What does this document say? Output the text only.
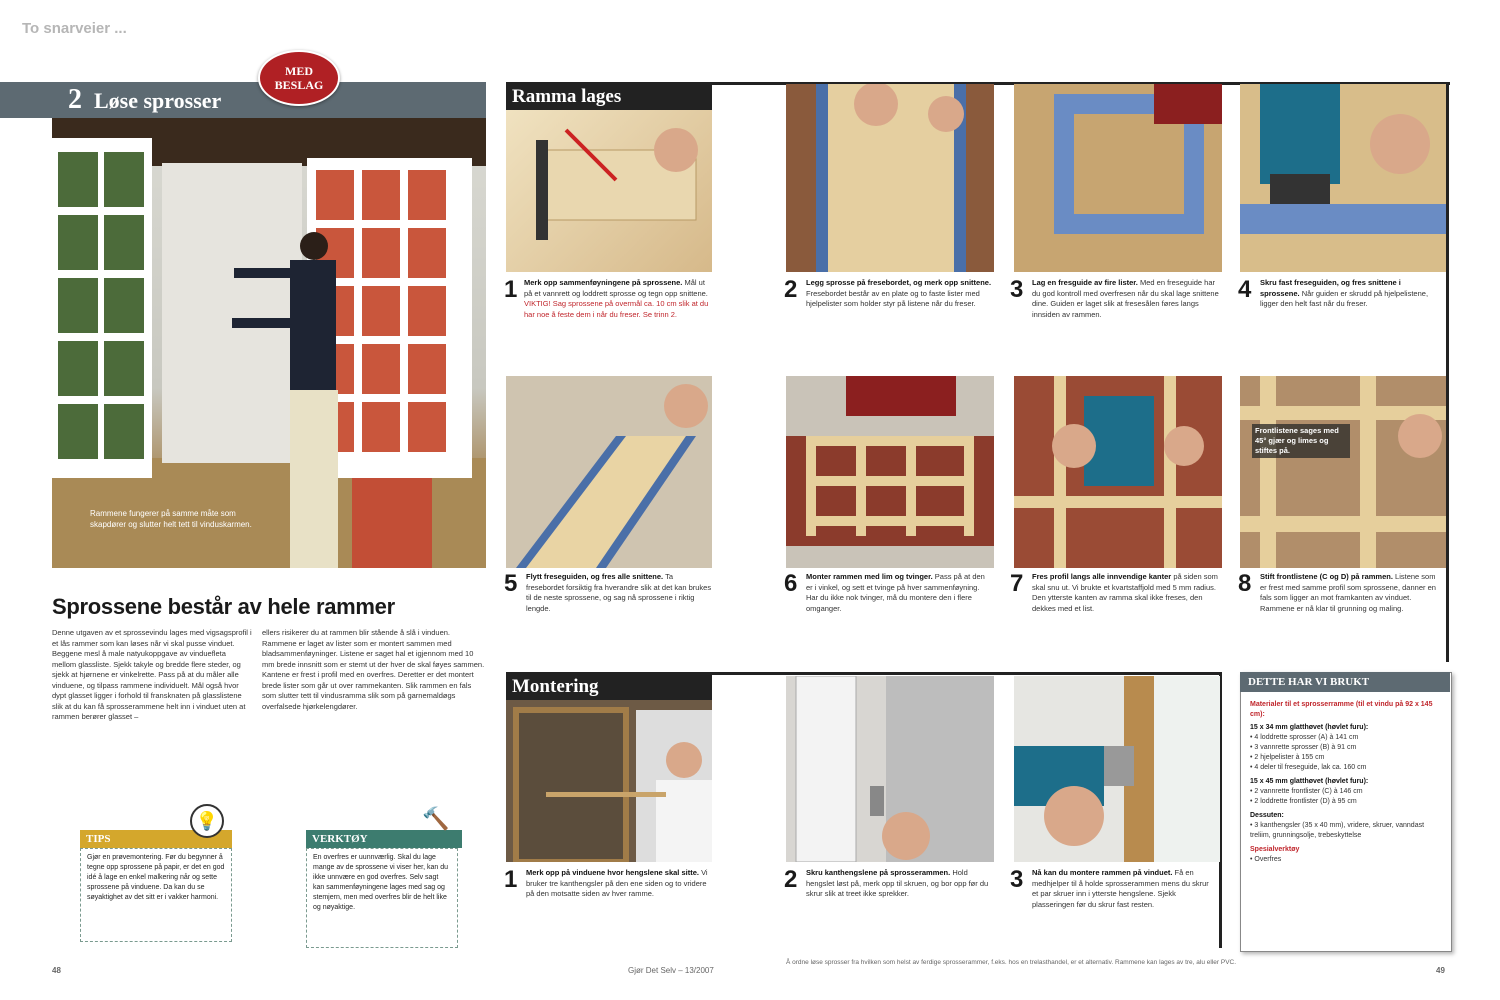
To snarveier ...
2 Løse sprosser
MED
BESLAG
Rammene fungerer på samme måte som skapdører og slutter helt tett til vinduskarmen.
Sprossene består av hele rammer
Denne utgaven av et sprossevindu lages med vigsagsprofil i et lås rammer som kan løses når vi skal pusse vinduet. Beggene mesl å male natyukoppgave av vinduefleta mellom glassliste. Sjekk takyle og bredde flere steder, og sjekk at hjørnene er vinkelrette. Pass på at du måler alle vinduene, og tilpass rammene individuelt. Mål også hvor dypt glasset ligger i forhold til fransknaten på glasslistene slik at du kan få sprosserammene helt inn i vinduet uten at rammen berører glasset –
ellers risikerer du at rammen blir stående å slå i vinduen. Rammene er laget av lister som er montert sammen med bladsammenføyninger. Listene er saget hal et igjennom med 10 mm brede innsnitt som er stemt ut der hver de skal føyes sammen. Kantene er frest i profil med en overfres. Deretter er det montert brede lister som går ut over rammekanten. Slik rammen en fals som slutter tett til vindusramma slik som på garnemaldøgs overfalsede hjørkelengdører.
TIPS
💡
Gjør en prøvemontering. Før du begynner å tegne opp sprossene på papir, er det en god idé å lage en enkel malkering når og sette sprossene på vinduene. Da kan du se søyaktighet av det sitt er i vakker harmoni.
VERKTØY
🔨
En overfres er uunnværlig. Skal du lage mange av de sprossene vi viser her, kan du ikke unnvære en god overfres. Selv sagt kan sammenføyningene lages med sag og stemjern, men med overfres blir de helt like og nøyaktige.
Ramma lages
1 Merk opp sammenføyningene på sprossene. Mål ut på et vannrett og loddrett sprosse og tegn opp snittene. VIKTIG! Sag sprossene på overmål ca. 10 cm slik at du har noe å feste dem i når du freser. Se trinn 2.
2 Legg sprosse på fresebordet, og merk opp snittene. Fresebordet består av en plate og to faste lister med hjelpelister som holder styr på listene når du freser.
3 Lag en fresguide av fire lister. Med en freseguide har du god kontroll med overfresen når du skal lage snittene dine. Guiden er laget slik at fresesålen føres langs innsiden av rammen.
4 Skru fast freseguiden, og fres snittene i sprossene. Når guiden er skrudd på hjelpelistene, ligger den helt fast når du freser.
Frontlistene sages med 45° gjær og limes og stiftes på.
5 Flytt freseguiden, og fres alle snittene. Ta fresebordet forsiktig fra hverandre slik at det kan brukes til de neste sprossene, og sag nå sprossene i riktig lengde.
6 Monter rammen med lim og tvinger. Pass på at den er i vinkel, og sett et tvinge på hver sammenføyning. Har du ikke nok tvinger, må du montere den i flere omganger.
7 Fres profil langs alle innvendige kanter på siden som skal snu ut. Vi brukte et kvartstaffjold med 5 mm radius. Den ytterste kanten av ramma skal ikke freses, den dekkes med et list.
8 Stift frontlistene (C og D) på rammen. Listene som er frest med samme profil som sprossene, danner en fals som ligger an mot framkanten av vinduet. Rammene er nå klar til grunning og maling.
Montering
1 Merk opp på vinduene hvor hengslene skal sitte. Vi bruker tre kanthengsler på den ene siden og to vridere på den motsatte siden av hver ramme.
2 Skru kanthengslene på sprosserammen. Hold hengslet løst på, merk opp til skruen, og bor opp før du skrur slik at treet ikke sprekker.
3 Nå kan du montere rammen på vinduet. Få en medhjelper til å holde sprosserammen mens du skrur et par skruer inn i ytterste hengslene. Sjekk plasseringen før du skrur fast resten.
DETTE HAR VI BRUKT
Materialer til et sprosserramme (til et vindu på 92 x 145 cm):
15 x 34 mm glatthøvet (høvlet furu):
• 4 loddrette sprosser (A) à 141 cm
• 3 vannrette sprosser (B) à 91 cm
• 2 hjelpelister à 155 cm
• 4 deler til freseguide, lak ca. 160 cm
15 x 45 mm glatthøvet (høvlet furu):
• 2 vannrette frontlister (C) à 146 cm
• 2 loddrette frontlister (D) à 95 cm
Dessuten:
• 3 kanthengsler (35 x 40 mm), vridere, skruer, vanndast treliim, grunningsolje, trebeskyttelse
Spesialverktøy
• Overfres
48	Gjør Det Selv – 13/2007
Å ordne løse sprosser fra hvilken som helst av ferdige sprosserammer, f.eks. hos en trelasthandel, er et alternativ. Rammene kan lages av tre, alu eller PVC.
49
